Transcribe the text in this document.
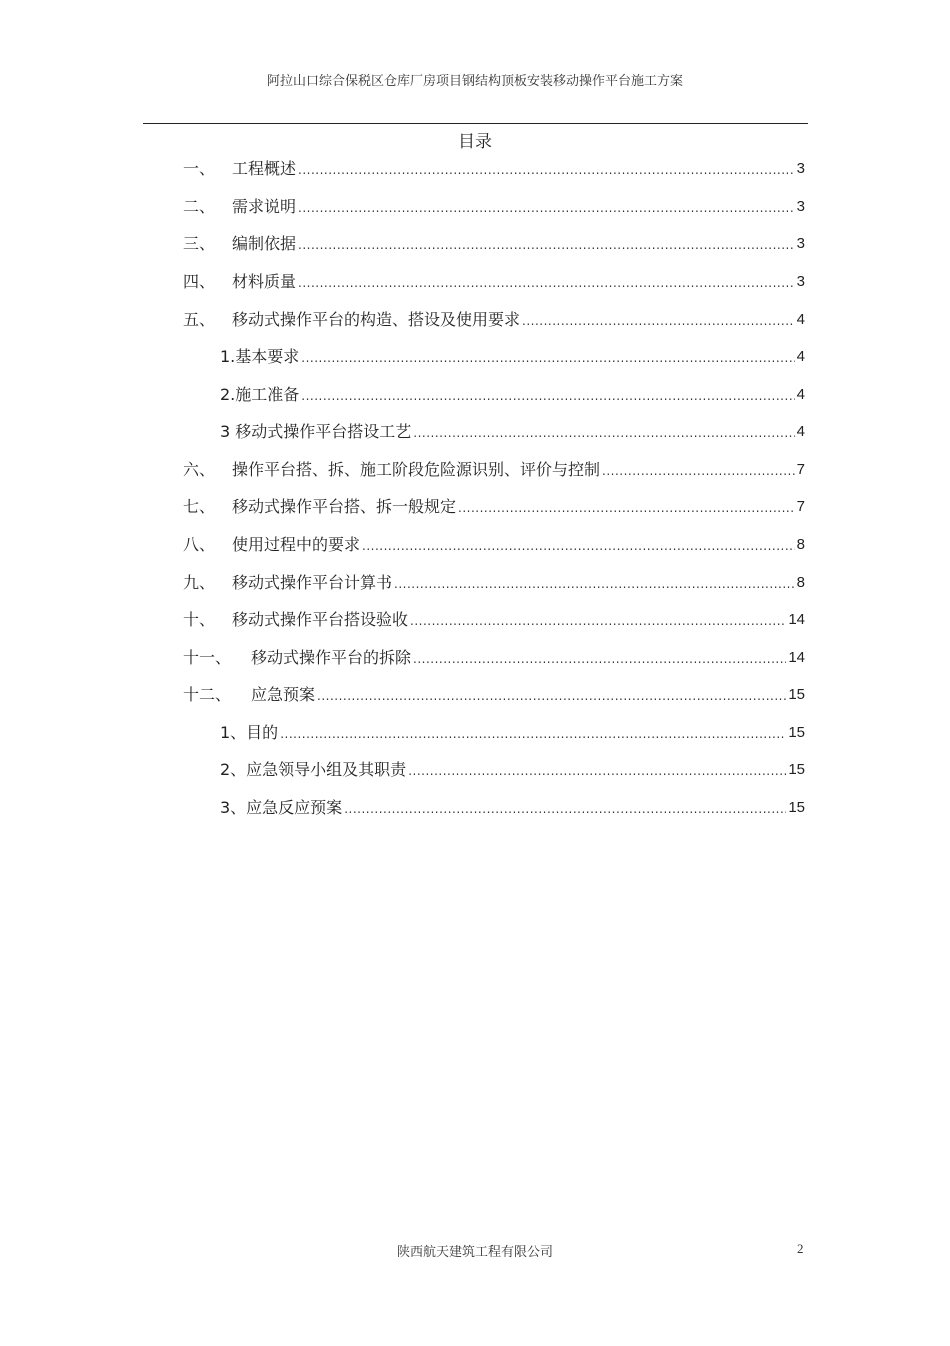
阿拉山口综合保税区仓库厂房项目钢结构顶板安装移动操作平台施工方案
目录
一、	工程概述 .....	3
二、	需求说明 .....	3
三、	编制依据 .....	3
四、	材料质量 .....	3
五、	移动式操作平台的构造、搭设及使用要求 .....	4
1.基本要求 .....	4
2.施工准备 .....	4
3 移动式操作平台搭设工艺 .....	4
六、	操作平台搭、拆、施工阶段危险源识别、评价与控制 .....	7
七、	移动式操作平台搭、拆一般规定 .....	7
八、	使用过程中的要求 .....	8
九、	移动式操作平台计算书 .....	8
十、	移动式操作平台搭设验收 .....	14
十一、	移动式操作平台的拆除 .....	14
十二、	应急预案 .....	15
1、目的 .....	15
2、应急领导小组及其职责 .....	15
3、应急反应预案 .....	15
陕西航天建筑工程有限公司	2
